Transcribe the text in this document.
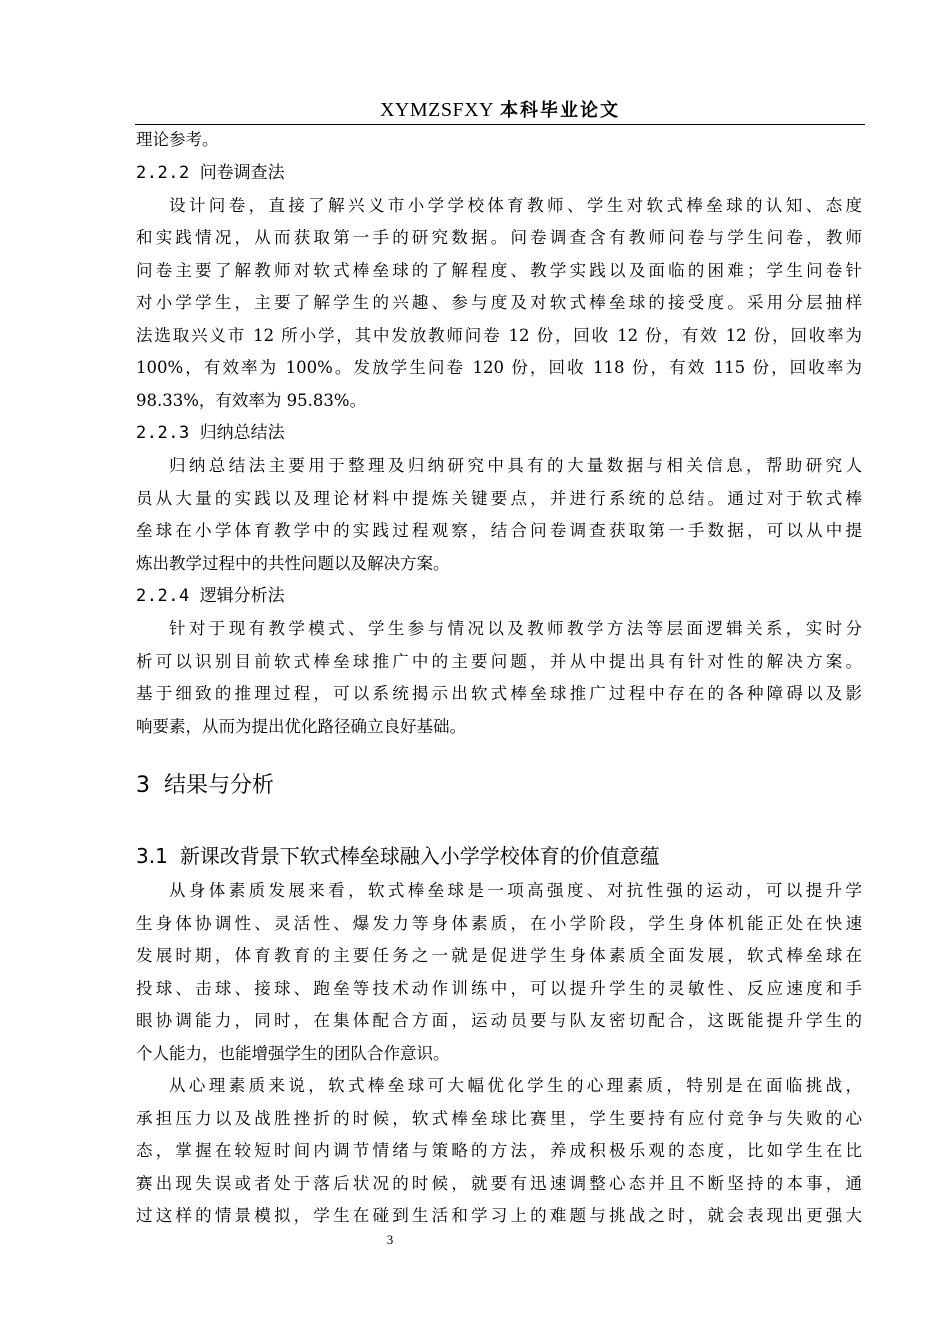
XYMZSFXY 本科毕业论文
理论参考。
2.2.2 问卷调查法
设计问卷，直接了解兴义市小学学校体育教师、学生对软式棒垒球的认知、态度
和实践情况，从而获取第一手的研究数据。问卷调查含有教师问卷与学生问卷，教师
问卷主要了解教师对软式棒垒球的了解程度、教学实践以及面临的困难；学生问卷针
对小学学生，主要了解学生的兴趣、参与度及对软式棒垒球的接受度。采用分层抽样
法选取兴义市 12 所小学，其中发放教师问卷 12 份，回收 12 份，有效 12 份，回收率为
100%，有效率为 100%。发放学生问卷 120 份，回收 118 份，有效 115 份，回收率为
98.33%，有效率为 95.83%。
2.2.3 归纳总结法
归纳总结法主要用于整理及归纳研究中具有的大量数据与相关信息，帮助研究人
员从大量的实践以及理论材料中提炼关键要点，并进行系统的总结。通过对于软式棒
垒球在小学体育教学中的实践过程观察，结合问卷调查获取第一手数据，可以从中提
炼出教学过程中的共性问题以及解决方案。
2.2.4 逻辑分析法
针对于现有教学模式、学生参与情况以及教师教学方法等层面逻辑关系，实时分
析可以识别目前软式棒垒球推广中的主要问题，并从中提出具有针对性的解决方案。
基于细致的推理过程，可以系统揭示出软式棒垒球推广过程中存在的各种障碍以及影
响要素，从而为提出优化路径确立良好基础。
3 结果与分析
3.1 新课改背景下软式棒垒球融入小学学校体育的价值意蕴
从身体素质发展来看，软式棒垒球是一项高强度、对抗性强的运动，可以提升学
生身体协调性、灵活性、爆发力等身体素质，在小学阶段，学生身体机能正处在快速
发展时期，体育教育的主要任务之一就是促进学生身体素质全面发展，软式棒垒球在
投球、击球、接球、跑垒等技术动作训练中，可以提升学生的灵敏性、反应速度和手
眼协调能力，同时，在集体配合方面，运动员要与队友密切配合，这既能提升学生的
个人能力，也能增强学生的团队合作意识。
从心理素质来说，软式棒垒球可大幅优化学生的心理素质，特别是在面临挑战，
承担压力以及战胜挫折的时候，软式棒垒球比赛里，学生要持有应付竞争与失败的心
态，掌握在较短时间内调节情绪与策略的方法，养成积极乐观的态度，比如学生在比
赛出现失误或者处于落后状况的时候，就要有迅速调整心态并且不断坚持的本事，通
过这样的情景模拟，学生在碰到生活和学习上的难题与挑战之时，就会表现出更强大
3
